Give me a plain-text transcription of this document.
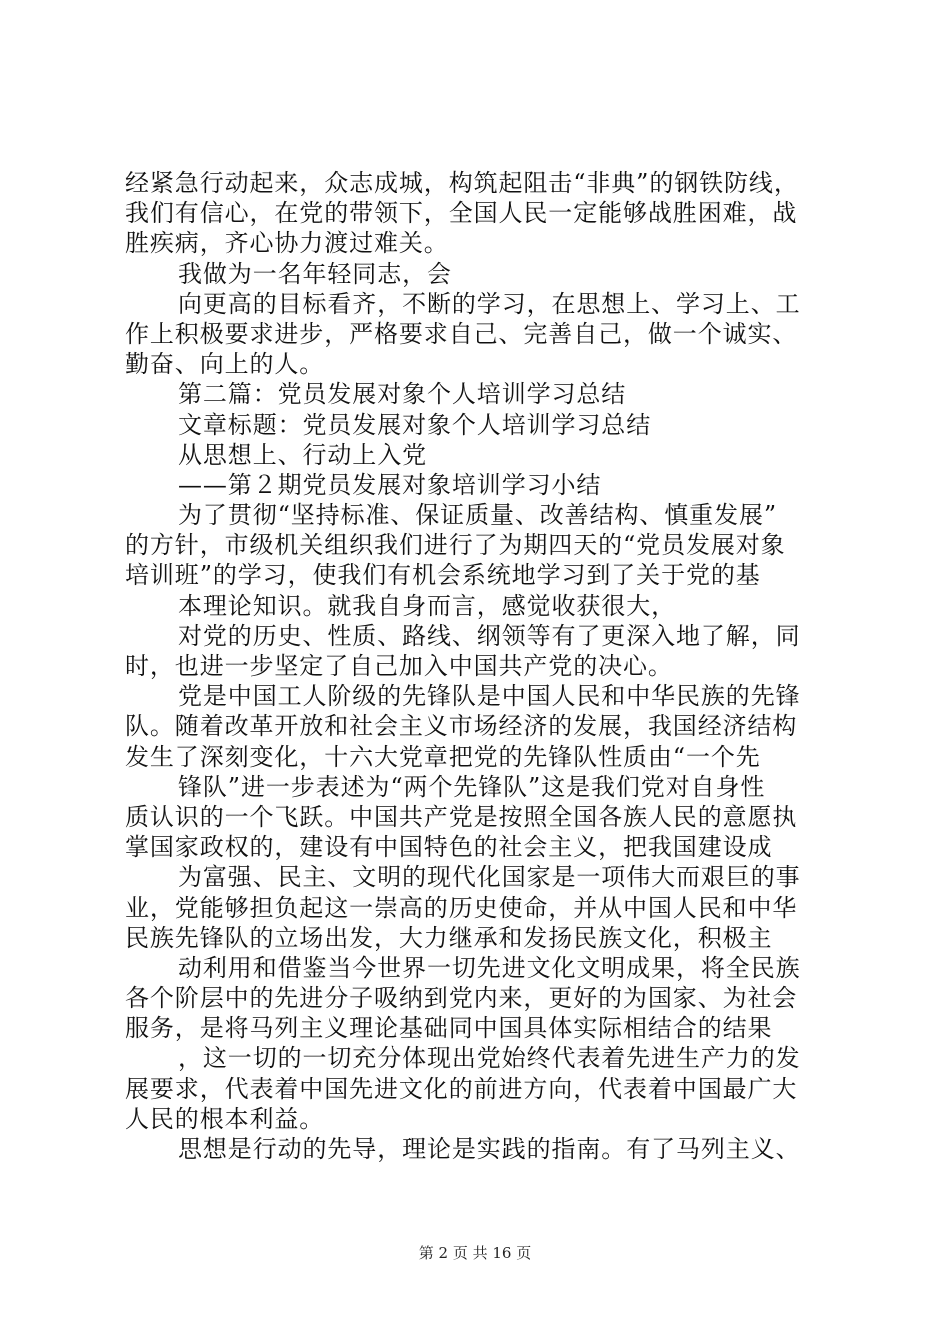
经紧急行动起来，众志成城，构筑起阻击“非典”的钢铁防线，
我们有信心，在党的带领下，全国人民一定能够战胜困难，战
胜疾病，齐心协力渡过难关。
我做为一名年轻同志，会
向更高的目标看齐，不断的学习，在思想上、学习上、工
作上积极要求进步，严格要求自己、完善自己，做一个诚实、
勤奋、向上的人。
第二篇：党员发展对象个人培训学习总结
文章标题：党员发展对象个人培训学习总结
从思想上、行动上入党
——第２期党员发展对象培训学习小结
为了贯彻“坚持标准、保证质量、改善结构、慎重发展”
的方针，市级机关组织我们进行了为期四天的“党员发展对象
培训班”的学习，使我们有机会系统地学习到了关于党的基
本理论知识。就我自身而言，感觉收获很大，
对党的历史、性质、路线、纲领等有了更深入地了解，同
时，也进一步坚定了自己加入中国共产党的决心。
党是中国工人阶级的先锋队是中国人民和中华民族的先锋
队。随着改革开放和社会主义市场经济的发展，我国经济结构
发生了深刻变化，十六大党章把党的先锋队性质由“一个先
锋队”进一步表述为“两个先锋队”这是我们党对自身性
质认识的一个飞跃。中国共产党是按照全国各族人民的意愿执
掌国家政权的，建设有中国特色的社会主义，把我国建设成
为富强、民主、文明的现代化国家是一项伟大而艰巨的事
业，党能够担负起这一崇高的历史使命，并从中国人民和中华
民族先锋队的立场出发，大力继承和发扬民族文化，积极主
动利用和借鉴当今世界一切先进文化文明成果，将全民族
各个阶层中的先进分子吸纳到党内来，更好的为国家、为社会
服务，是将马列主义理论基础同中国具体实际相结合的结果
，这一切的一切充分体现出党始终代表着先进生产力的发
展要求，代表着中国先进文化的前进方向，代表着中国最广大
人民的根本利益。
思想是行动的先导，理论是实践的指南。有了马列主义、
第 2 页 共 16 页
